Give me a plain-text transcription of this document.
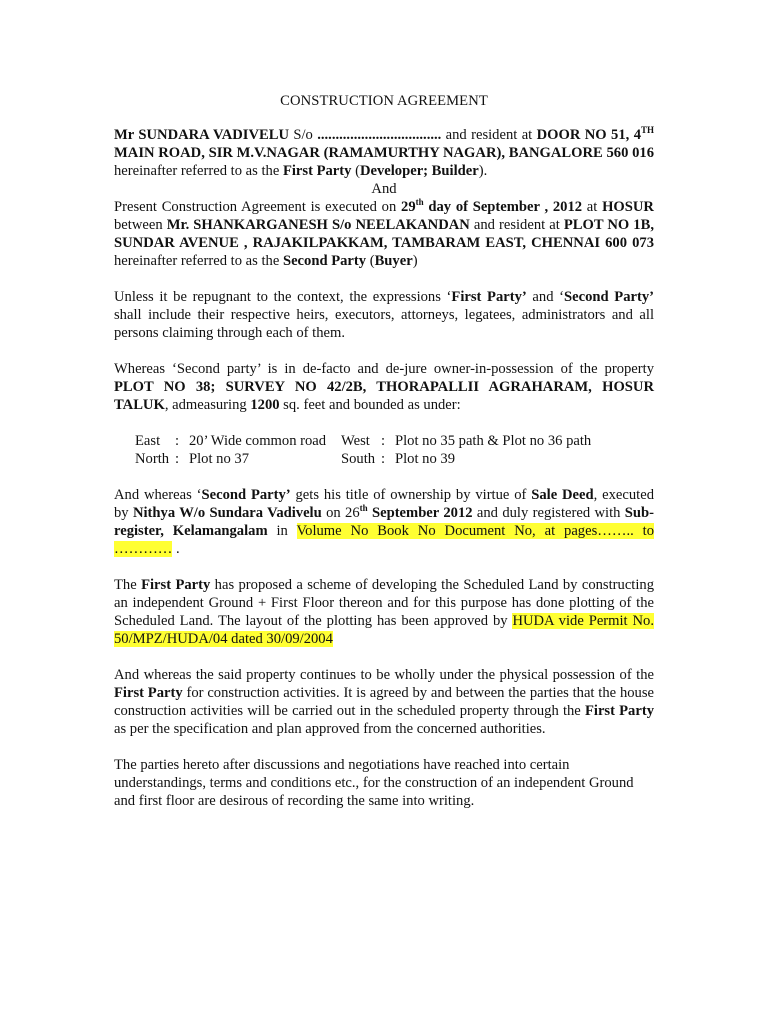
CONSTRUCTION AGREEMENT

Mr SUNDARA VADIVELU S/o .................................. and resident at DOOR NO 51, 4TH MAIN ROAD, SIR M.V.NAGAR (RAMAMURTHY NAGAR), BANGALORE 560 016 hereinafter referred to as the First Party (Developer; Builder).

And

Present Construction Agreement is executed on 29th day of September , 2012 at HOSUR between Mr. SHANKARGANESH S/o NEELAKANDAN and resident at PLOT NO 1B, SUNDAR AVENUE , RAJAKILPAKKAM, TAMBARAM EAST, CHENNAI 600 073 hereinafter referred to as the Second Party (Buyer)

Unless it be repugnant to the context, the expressions ‘First Party’ and ‘Second Party’ shall include their respective heirs, executors, attorneys, legatees, administrators and all persons claiming through each of them.

Whereas ‘Second party’ is in de-facto and de-jure owner-in-possession of the property PLOT NO 38; SURVEY NO 42/2B, THORAPALLII AGRAHARAM, HOSUR TALUK, admeasuring 1200 sq. feet and bounded as under:

East	:	20’ Wide common road	West	:	Plot no 35 path & Plot no 36 path
North	:	Plot no 37	South	:	Plot no 39

And whereas ‘Second Party’ gets his title of ownership by virtue of Sale Deed, executed by Nithya W/o Sundara Vadivelu on 26th September 2012 and duly registered with Sub-register, Kelamangalam in Volume No Book No Document No, at pages…….. to ………… .

The First Party has proposed a scheme of developing the Scheduled Land by constructing an independent Ground + First Floor thereon and for this purpose has done plotting of the Scheduled Land. The layout of the plotting has been approved by HUDA vide Permit No. 50/MPZ/HUDA/04 dated 30/09/2004

And whereas the said property continues to be wholly under the physical possession of the First Party for construction activities. It is agreed by and between the parties that the house construction activities will be carried out in the scheduled property through the First Party as per the specification and plan approved from the concerned authorities.

The parties hereto after discussions and negotiations have reached into certain understandings, terms and conditions etc., for the construction of an independent Ground and first floor are desirous of recording the same into writing.
